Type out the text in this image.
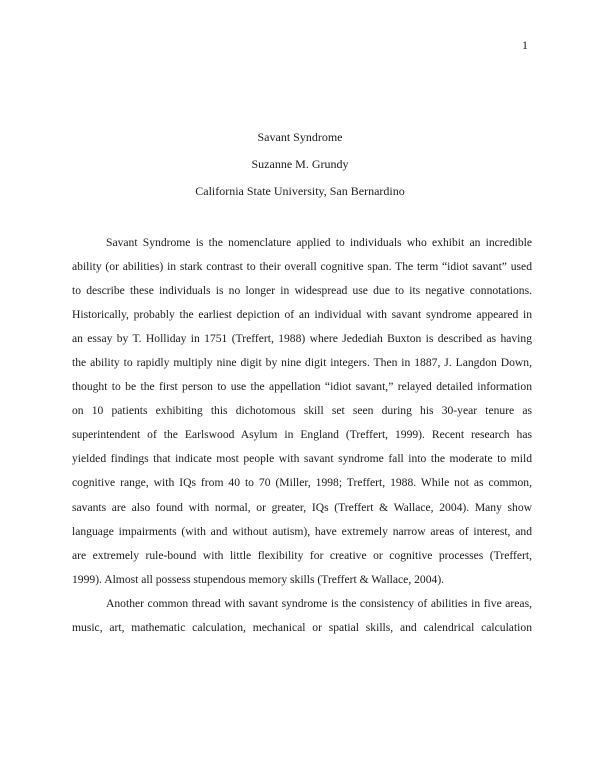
1
Savant Syndrome
Suzanne M. Grundy
California State University, San Bernardino
Savant Syndrome is the nomenclature applied to individuals who exhibit an incredible
ability (or abilities) in stark contrast to their overall cognitive span. The term “idiot savant” used
to describe these individuals is no longer in widespread use due to its negative connotations.
Historically, probably the earliest depiction of an individual with savant syndrome appeared in
an essay by T. Holliday in 1751 (Treffert, 1988) where Jedediah Buxton is described as having
the ability to rapidly multiply nine digit by nine digit integers. Then in 1887, J. Langdon Down,
thought to be the first person to use the appellation “idiot savant,” relayed detailed information
on 10 patients exhibiting this dichotomous skill set seen during his 30-year tenure as
superintendent of the Earlswood Asylum in England (Treffert, 1999). Recent research has
yielded findings that indicate most people with savant syndrome fall into the moderate to mild
cognitive range, with IQs from 40 to 70 (Miller, 1998; Treffert, 1988. While not as common,
savants are also found with normal, or greater, IQs (Treffert & Wallace, 2004). Many show
language impairments (with and without autism), have extremely narrow areas of interest, and
are extremely rule-bound with little flexibility for creative or cognitive processes (Treffert,
1999). Almost all possess stupendous memory skills (Treffert & Wallace, 2004).
Another common thread with savant syndrome is the consistency of abilities in five areas,
music, art, mathematic calculation, mechanical or spatial skills, and calendrical calculation
